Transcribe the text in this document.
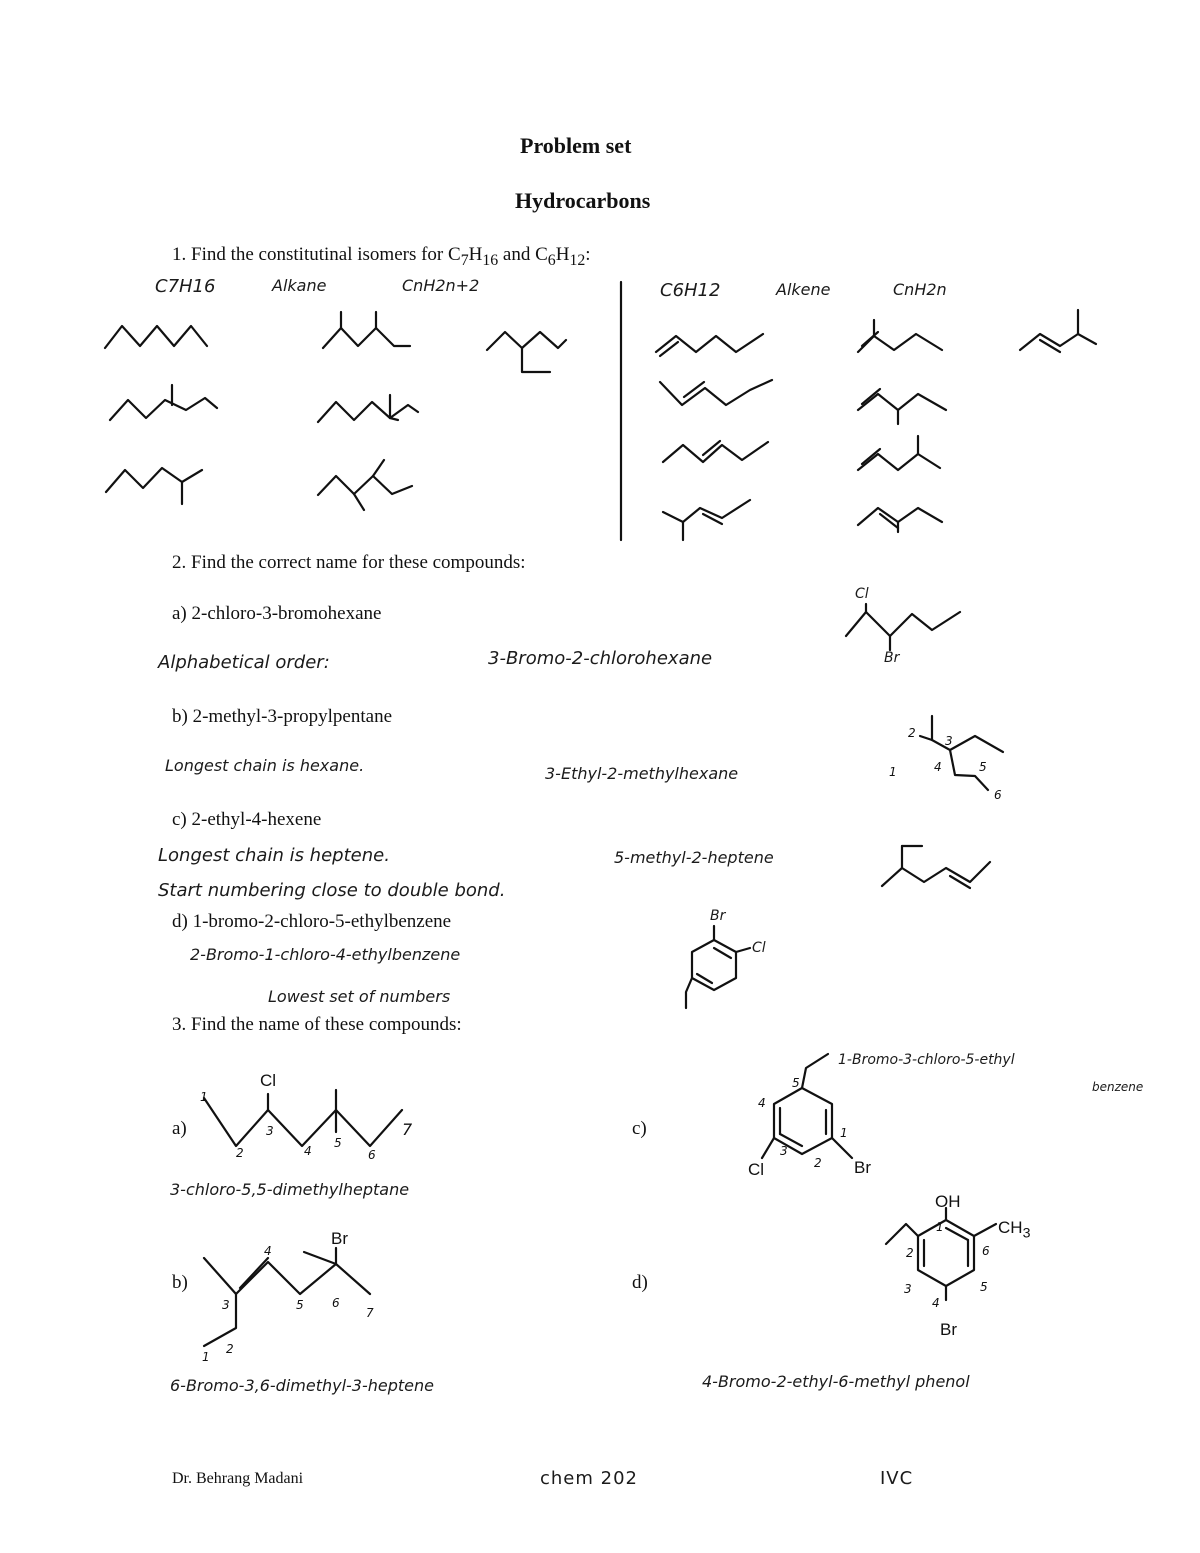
Problem set
Hydrocarbons
1. Find the constitutinal isomers for $C_7H_{16}$ and $C_6H_{12}$:
C7H16	Alkane	CnH2n+2	C6H12	Alkene	CnH2n
2. Find the correct name for these compounds:
a) 2-chloro-3-bromohexane
Alphabetical order:	3-Bromo-2-chlorohexane
Cl
Br
b) 2-methyl-3-propylpentane
Longest chain is hexane.	3-Ethyl-2-methylhexane	1
2
3
4	5
6
c) 2-ethyl-4-hexene
Longest chain is heptene.
Start numbering close to double bond.
5-methyl-2-heptene
d) 1-bromo-2-chloro-5-ethylbenzene
2-Bromo-1-chloro-4-ethylbenzene
Lowest set of numbers
Br
Cl
3. Find the name of these compounds:
a)
Cl
1
2
3
4
5
6
7
3-chloro-5,5-dimethylheptane
b)
Br
1
2
3
4
5 6
7
6-Bromo-3,6-dimethyl-3-heptene
c)
Cl	Br
1
2
3
4
5
1-Bromo-3-chloro-5-ethyl
benzene
d)
OH
$CH_3$
Br
1
2
3
4
5
6
4-Bromo-2-ethyl-6-methyl phenol
Dr. Behrang Madani	chem 202	IVC
